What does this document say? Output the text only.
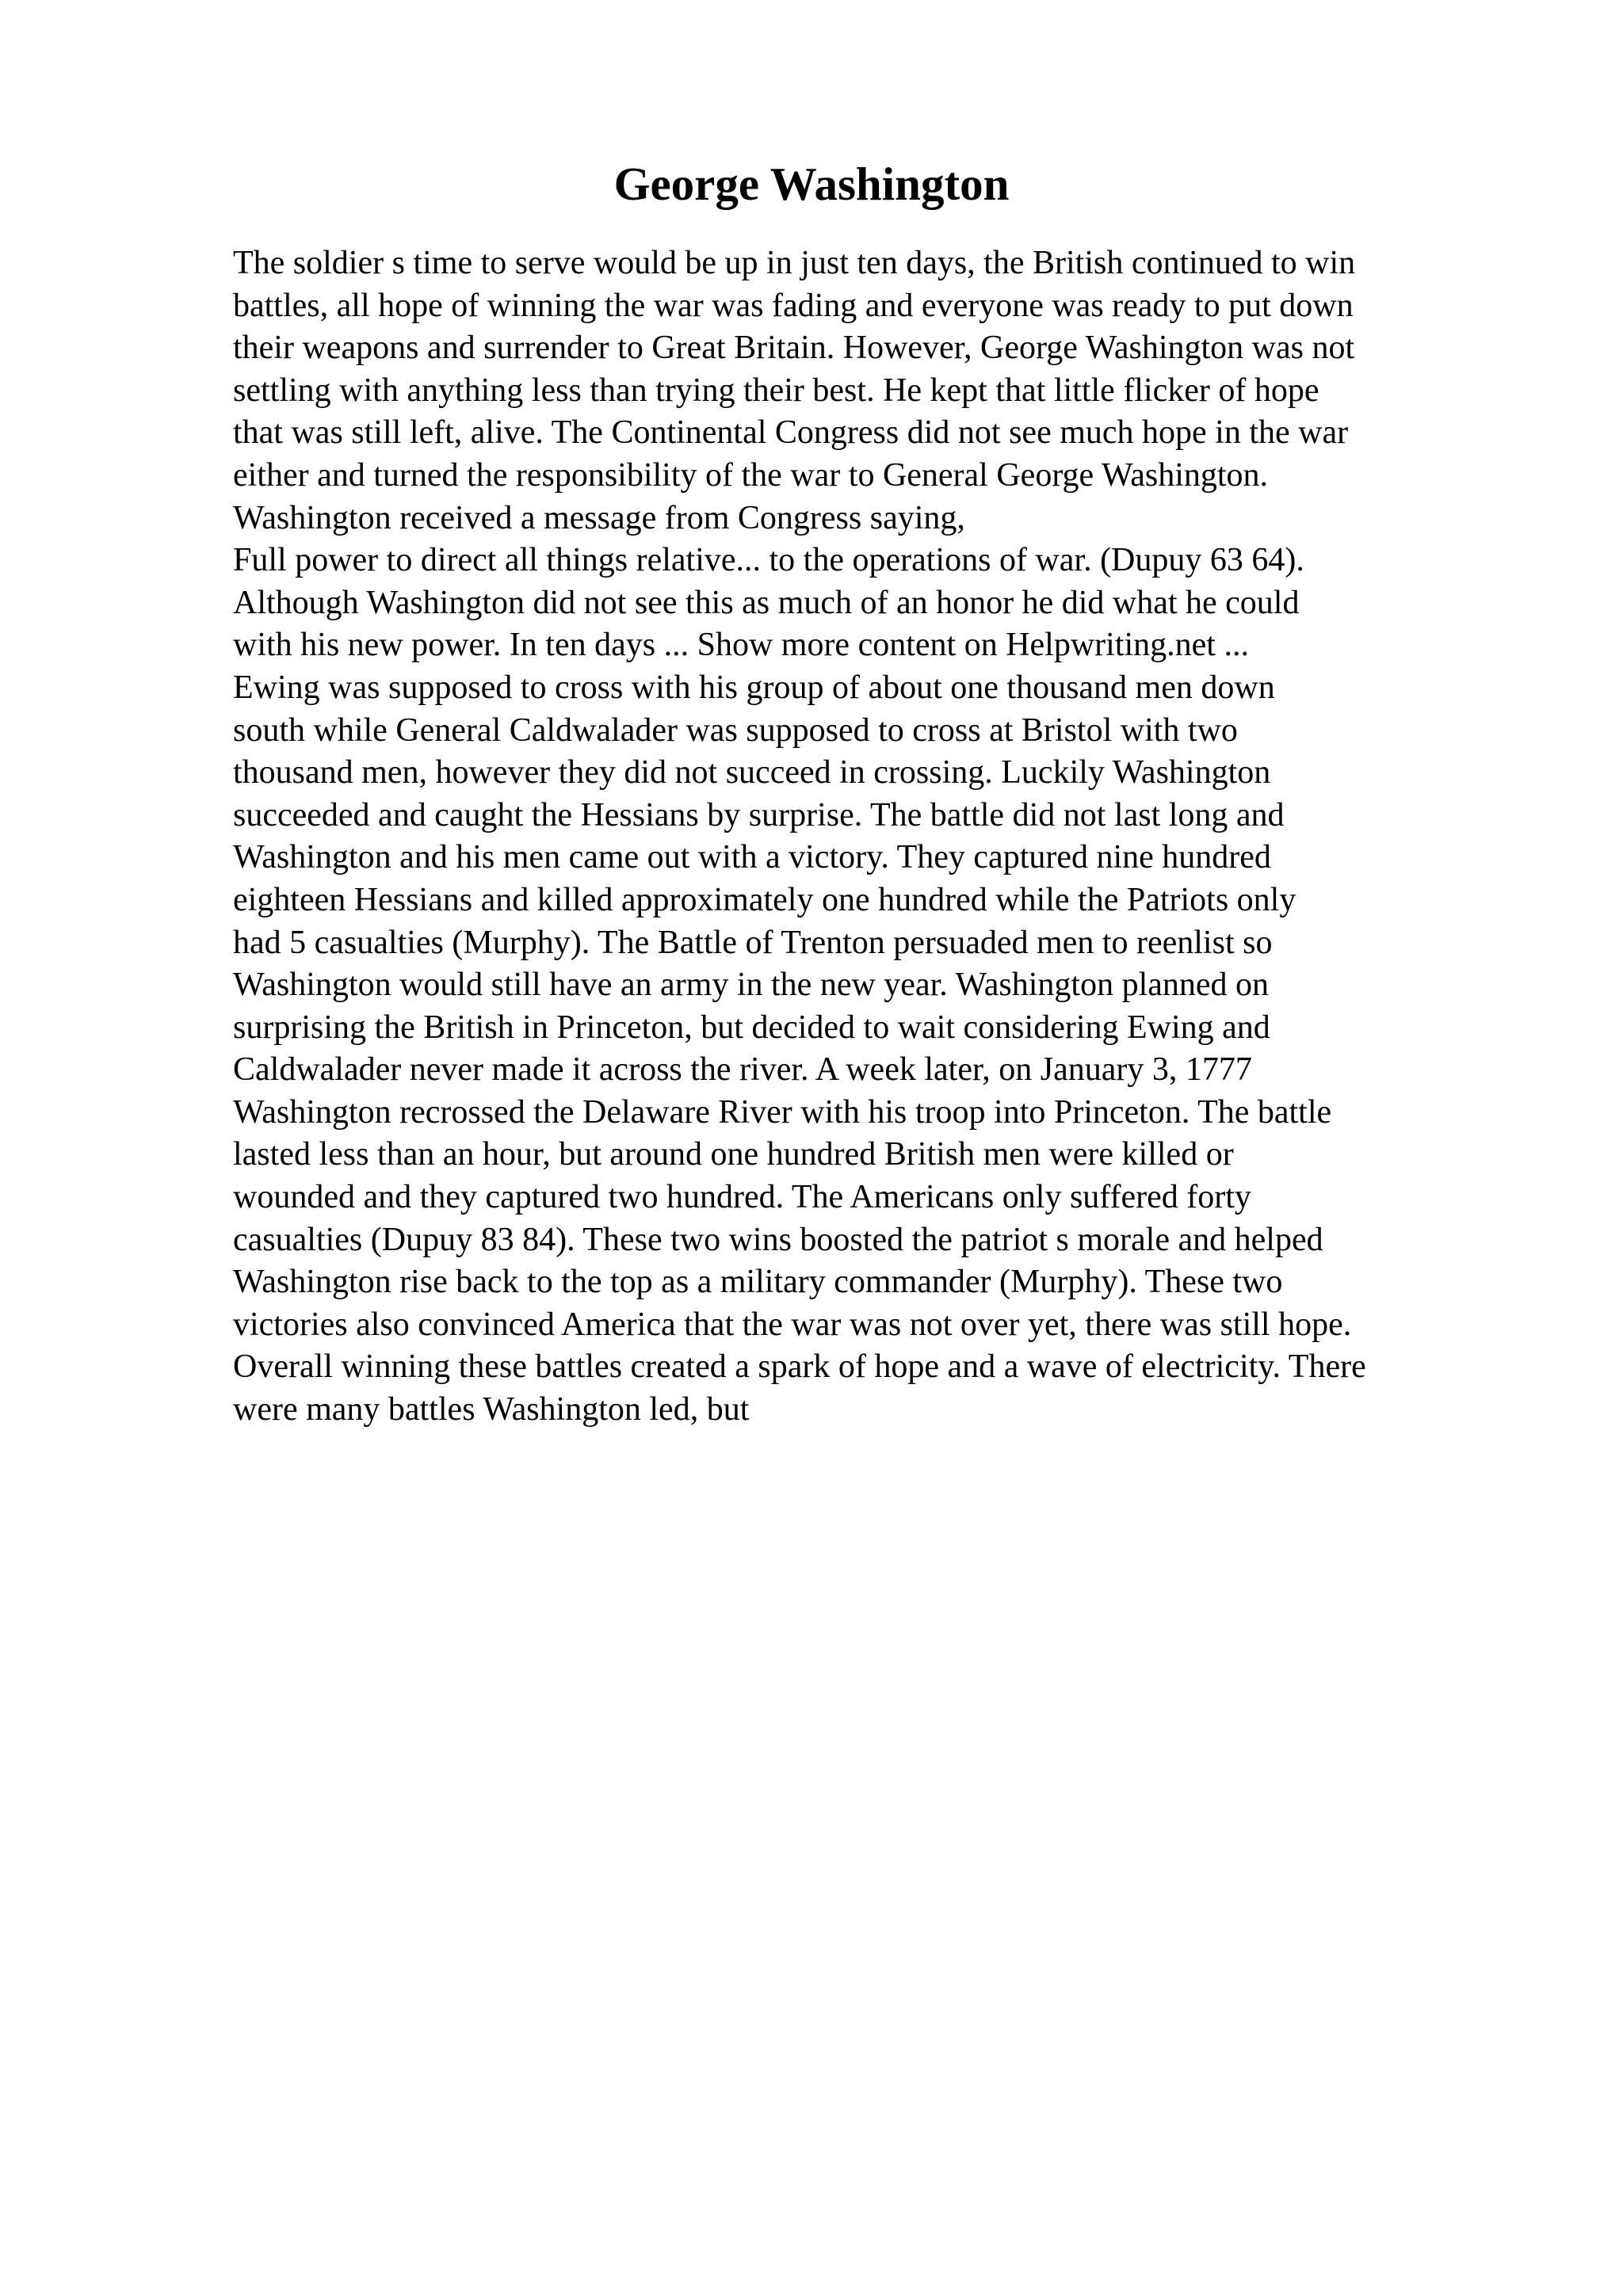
George Washington
The soldier s time to serve would be up in just ten days, the British continued to win
battles, all hope of winning the war was fading and everyone was ready to put down
their weapons and surrender to Great Britain. However, George Washington was not
settling with anything less than trying their best. He kept that little flicker of hope
that was still left, alive. The Continental Congress did not see much hope in the war
either and turned the responsibility of the war to General George Washington.
Washington received a message from Congress saying,
Full power to direct all things relative... to the operations of war. (Dupuy 63 64).
Although Washington did not see this as much of an honor he did what he could
with his new power. In ten days ... Show more content on Helpwriting.net ...
Ewing was supposed to cross with his group of about one thousand men down
south while General Caldwalader was supposed to cross at Bristol with two
thousand men, however they did not succeed in crossing. Luckily Washington
succeeded and caught the Hessians by surprise. The battle did not last long and
Washington and his men came out with a victory. They captured nine hundred
eighteen Hessians and killed approximately one hundred while the Patriots only
had 5 casualties (Murphy). The Battle of Trenton persuaded men to reenlist so
Washington would still have an army in the new year. Washington planned on
surprising the British in Princeton, but decided to wait considering Ewing and
Caldwalader never made it across the river. A week later, on January 3, 1777
Washington recrossed the Delaware River with his troop into Princeton. The battle
lasted less than an hour, but around one hundred British men were killed or
wounded and they captured two hundred. The Americans only suffered forty
casualties (Dupuy 83 84). These two wins boosted the patriot s morale and helped
Washington rise back to the top as a military commander (Murphy). These two
victories also convinced America that the war was not over yet, there was still hope.
Overall winning these battles created a spark of hope and a wave of electricity. There
were many battles Washington led, but
